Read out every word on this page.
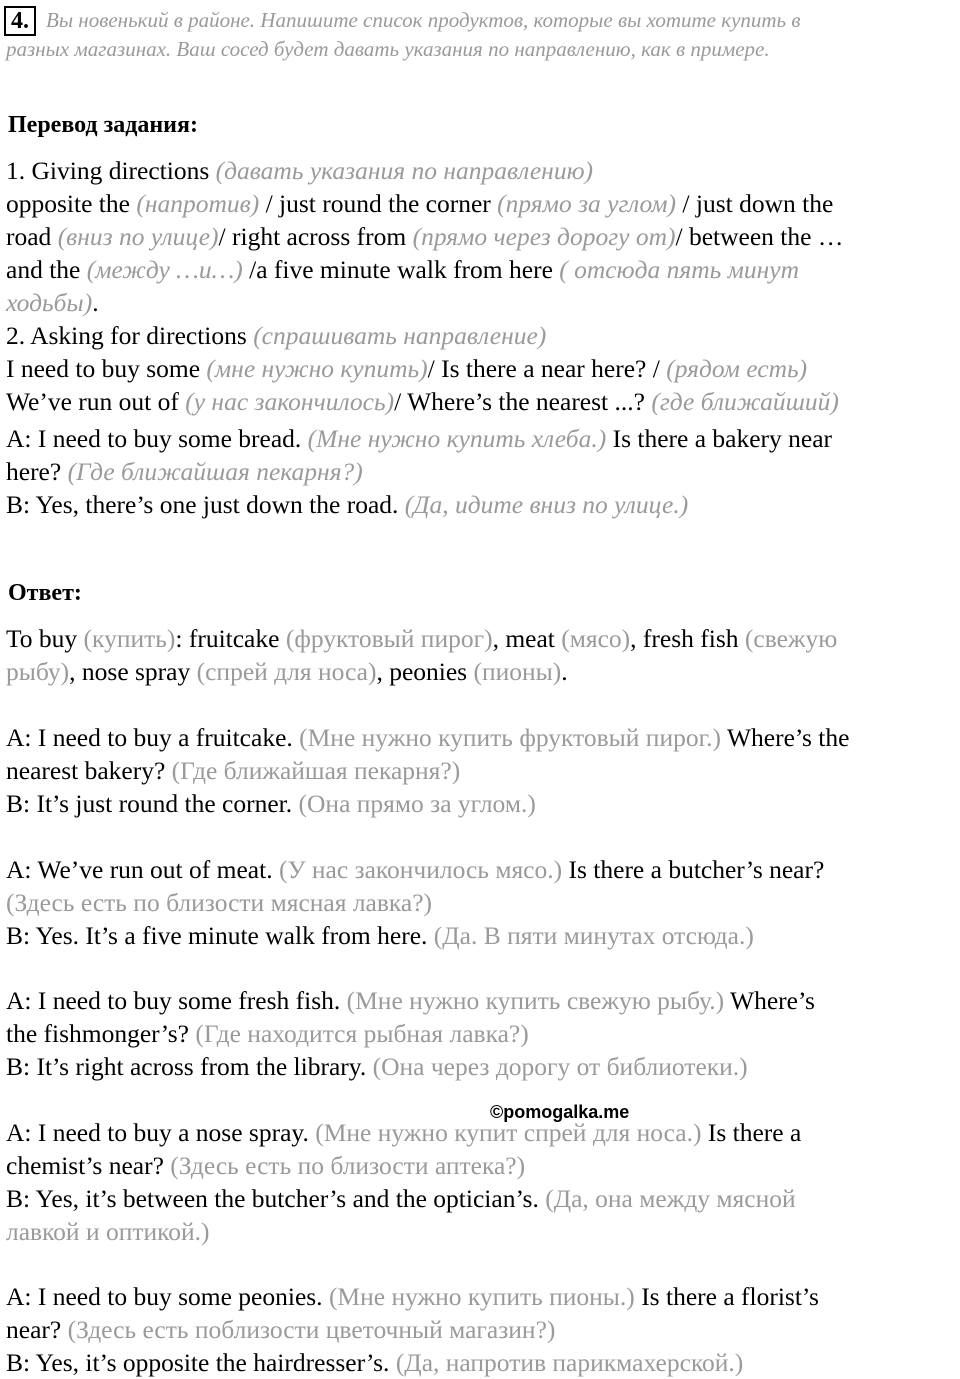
4. Вы новенький в районе. Напишите список продуктов, которые вы хотите купить в
разных магазинах. Ваш сосед будет давать указания по направлению, как в примере.
Перевод задания:
1. Giving directions (давать указания по направлению)
opposite the (напротив) / just round the corner (прямо за углом) / just down the
road (вниз по улице)/ right across from (прямо через дорогу от)/ between the …
and the (между …и…) /a five minute walk from here ( отсюда пять минут
ходьбы).
2. Asking for directions (спрашивать направление)
I need to buy some (мне нужно купить)/ Is there a near here? / (рядом есть)
We’ve run out of (у нас закончилось)/ Where’s the nearest ...? (где ближайший)
A: I need to buy some bread. (Мне нужно купить хлеба.) Is there a bakery near
here? (Где ближайшая пекарня?)
B: Yes, there’s one just down the road. (Да, идите вниз по улице.)
Ответ:
To buy (купить): fruitcake (фруктовый пирог), meat (мясо), fresh fish (свежую
рыбу), nose spray (спрей для носа), peonies (пионы).
A: I need to buy a fruitcake. (Мне нужно купить фруктовый пирог.) Where’s the
nearest bakery? (Где ближайшая пекарня?)
B: It’s just round the corner. (Она прямо за углом.)
A: We’ve run out of meat. (У нас закончилось мясо.) Is there a butcher’s near?
(Здесь есть по близости мясная лавка?)
B: Yes. It’s a five minute walk from here. (Да. В пяти минутах отсюда.)
A: I need to buy some fresh fish. (Мне нужно купить свежую рыбу.) Where’s
the fishmonger’s? (Где находится рыбная лавка?)
B: It’s right across from the library. (Она через дорогу от библиотеки.)
A: I need to buy a nose spray. (Мне нужно купит спрей для носа.) Is there a
chemist’s near? (Здесь есть по близости аптека?)
B: Yes, it’s between the butcher’s and the optician’s. (Да, она между мясной
лавкой и оптикой.)
A: I need to buy some peonies. (Мне нужно купить пионы.) Is there a florist’s
near? (Здесь есть поблизости цветочный магазин?)
B: Yes, it’s opposite the hairdresser’s. (Да, напротив парикмахерской.)
©pomogalka.me
